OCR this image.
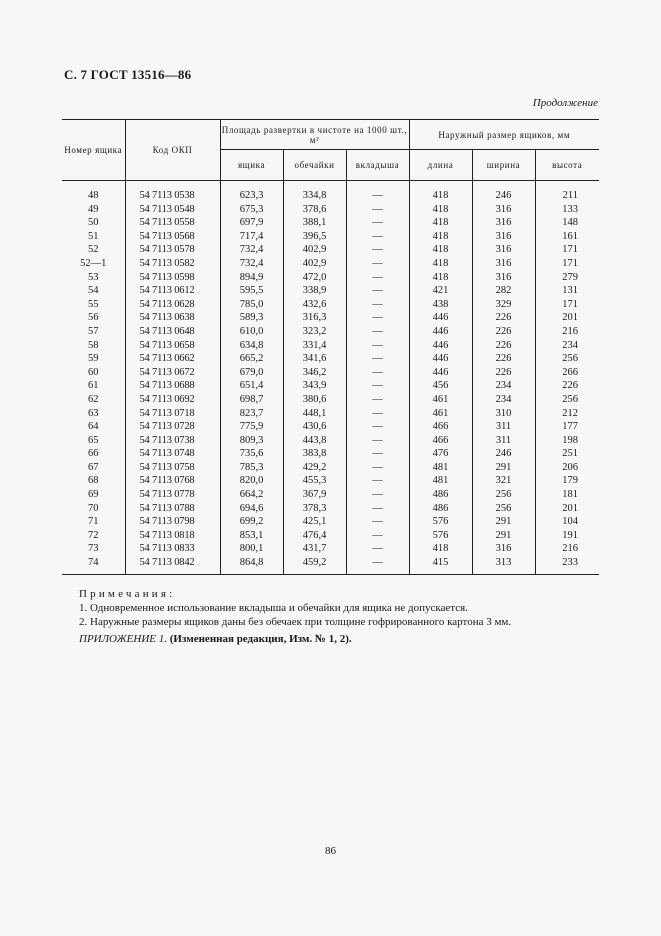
С. 7 ГОСТ 13516—86
Продолжение
Номер ящика	Код ОКП	Площадь развертки в чистоте на 1000 шт., м²			Наружный размер ящиков, мм		
		ящика	обечайки	вкладыша	длина	ширина	высота
48	54 7113 0538	623,3	334,8	—	418	246	211
49	54 7113 0548	675,3	378,6	—	418	316	133
50	54 7113 0558	697,9	388,1	—	418	316	148
51	54 7113 0568	717,4	396,5	—	418	316	161
52	54 7113 0578	732,4	402,9	—	418	316	171
52—1	54 7113 0582	732,4	402,9	—	418	316	171
53	54 7113 0598	894,9	472,0	—	418	316	279
54	54 7113 0612	595,5	338,9	—	421	282	131
55	54 7113 0628	785,0	432,6	—	438	329	171
56	54 7113 0638	589,3	316,3	—	446	226	201
57	54 7113 0648	610,0	323,2	—	446	226	216
58	54 7113 0658	634,8	331,4	—	446	226	234
59	54 7113 0662	665,2	341,6	—	446	226	256
60	54 7113 0672	679,0	346,2	—	446	226	266
61	54 7113 0688	651,4	343,9	—	456	234	226
62	54 7113 0692	698,7	380,6	—	461	234	256
63	54 7113 0718	823,7	448,1	—	461	310	212
64	54 7113 0728	775,9	430,6	—	466	311	177
65	54 7113 0738	809,3	443,8	—	466	311	198
66	54 7113 0748	735,6	383,8	—	476	246	251
67	54 7113 0758	785,3	429,2	—	481	291	206
68	54 7113 0768	820,0	455,3	—	481	321	179
69	54 7113 0778	664,2	367,9	—	486	256	181
70	54 7113 0788	694,6	378,3	—	486	256	201
71	54 7113 0798	699,2	425,1	—	576	291	104
72	54 7113 0818	853,1	476,4	—	576	291	191
73	54 7113 0833	800,1	431,7	—	418	316	216
74	54 7113 0842	864,8	459,2	—	415	313	233
Примечания:
1. Одновременное использование вкладыша и обечайки для ящика не допускается.
2. Наружные размеры ящиков даны без обечаек при толщине гофрированного картона 3 мм.
ПРИЛОЖЕНИЕ 1. (Измененная редакция, Изм. № 1, 2).
86
